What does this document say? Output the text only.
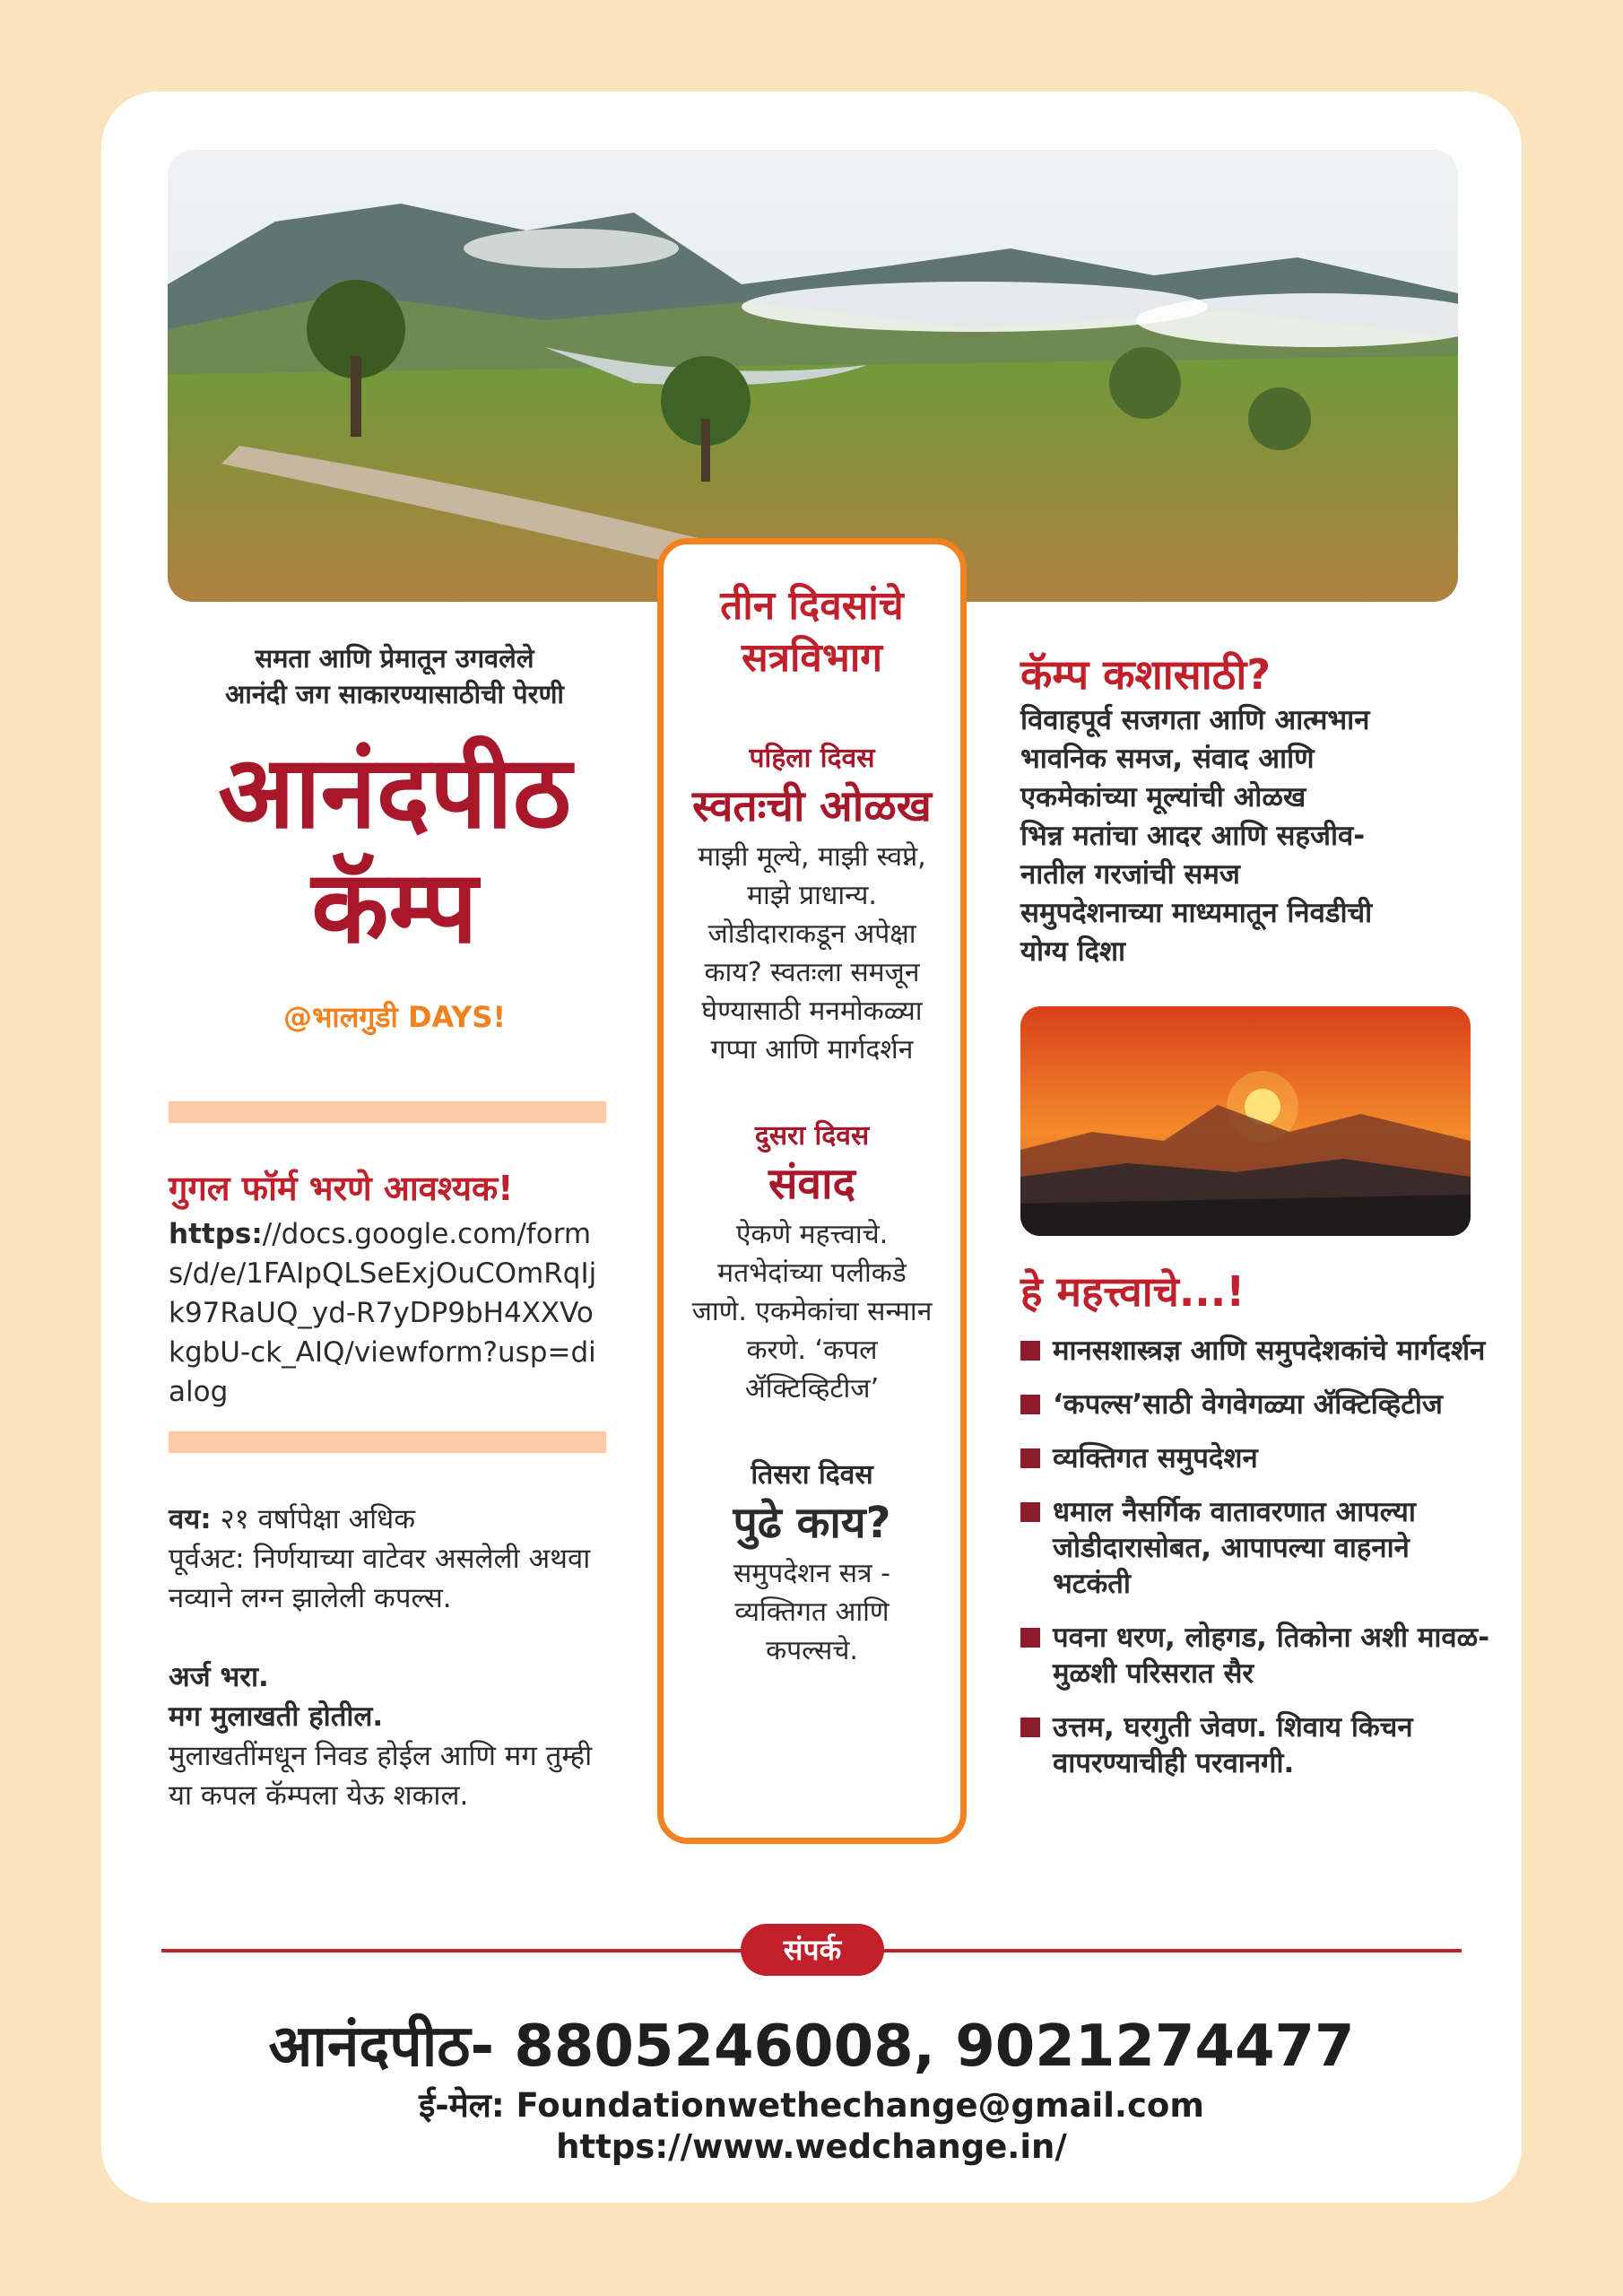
समता आणि प्रेमातून उगवलेले
आनंदी जग साकारण्यासाठीची पेरणी
आनंदपीठ
कॅम्प
@भालगुडी DAYS!
गुगल फॉर्म भरणे आवश्यक!
https://docs.google.com/forms/d/e/1FAIpQLSeExjOuCOmRqIjk97RaUQ_yd-R7yDP9bH4XXVokgbU-ck_AIQ/viewform?usp=dialog
वय: २१ वर्षापेक्षा अधिक
पूर्वअट: निर्णयाच्या वाटेवर असलेली अथवा नव्याने लग्न झालेली कपल्स.
अर्ज भरा.
मग मुलाखती होतील.
मुलाखतींमधून निवड होईल आणि मग तुम्ही या कपल कॅम्पला येऊ शकाल.
तीन दिवसांचे
सत्रविभाग
पहिला दिवस
स्वतःची ओळख
माझी मूल्ये, माझी स्वप्ने, माझे प्राधान्य. जोडीदाराकडून अपेक्षा काय? स्वतःला समजून घेण्यासाठी मनमोकळ्या गप्पा आणि मार्गदर्शन
दुसरा दिवस
संवाद
ऐकणे महत्त्वाचे. मतभेदांच्या पलीकडे जाणे. एकमेकांचा सन्मान करणे. ‘कपल ॲक्टिव्हिटीज’
तिसरा दिवस
पुढे काय?
समुपदेशन सत्र - व्यक्तिगत आणि कपल्सचे.
कॅम्प कशासाठी?
विवाहपूर्व सजगता आणि आत्मभान
भावनिक समज, संवाद आणि
एकमेकांच्या मूल्यांची ओळख
भिन्न मतांचा आदर आणि सहजीव-
नातील गरजांची समज
समुपदेशनाच्या माध्यमातून निवडीची
योग्य दिशा
हे महत्त्वाचे...!
मानसशास्त्रज्ञ आणि समुपदेशकांचे मार्गदर्शन
‘कपल्स’साठी वेगवेगळ्या ॲक्टिव्हिटीज
व्यक्तिगत समुपदेशन
धमाल नैसर्गिक वातावरणात आपल्या जोडीदारासोबत, आपापल्या वाहनाने भटकंती
पवना धरण, लोहगड, तिकोना अशी मावळ-मुळशी परिसरात सैर
उत्तम, घरगुती जेवण. शिवाय किचन वापरण्याचीही परवानगी.
संपर्क
आनंदपीठ- 8805246008, 9021274477
ई-मेल: Foundationwethechange@gmail.com
https://www.wedchange.in/
